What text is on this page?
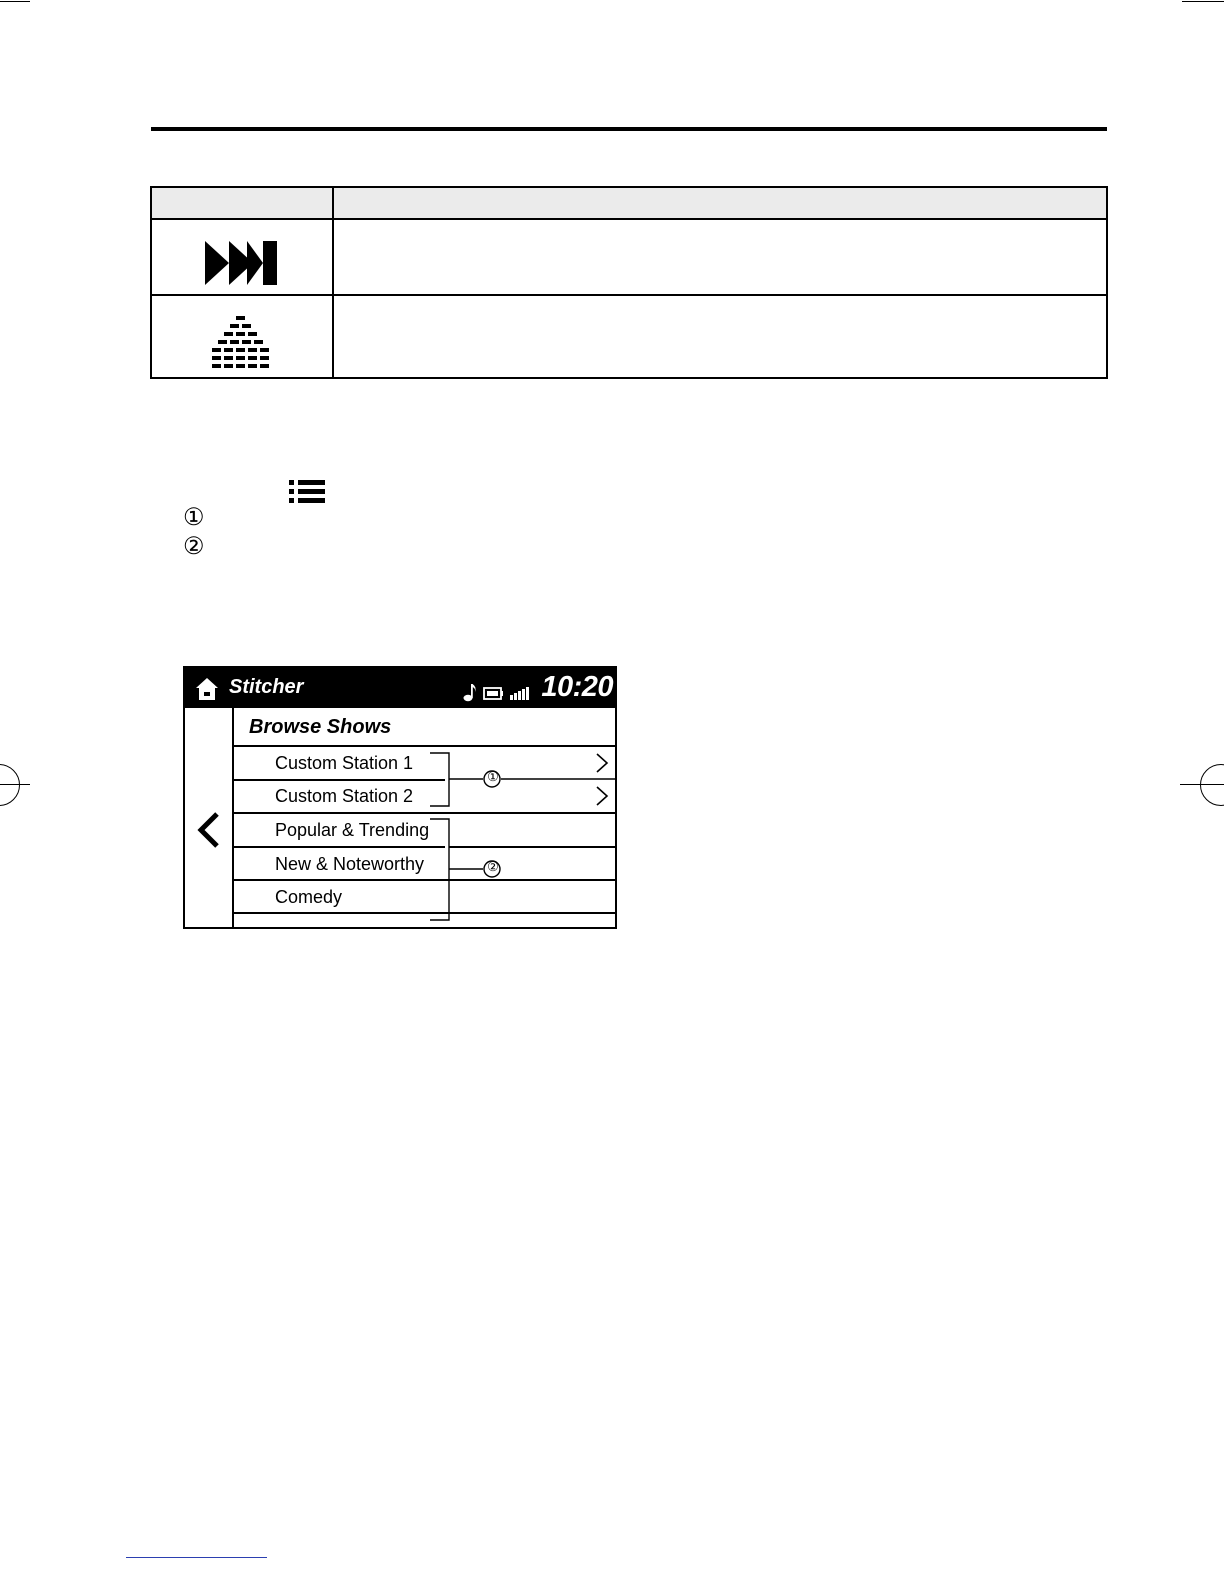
①
②
Stitcher	10:20
Browse Shows
Custom Station 1
Custom Station 2
Popular & Trending
New & Noteworthy
Comedy
①
②
